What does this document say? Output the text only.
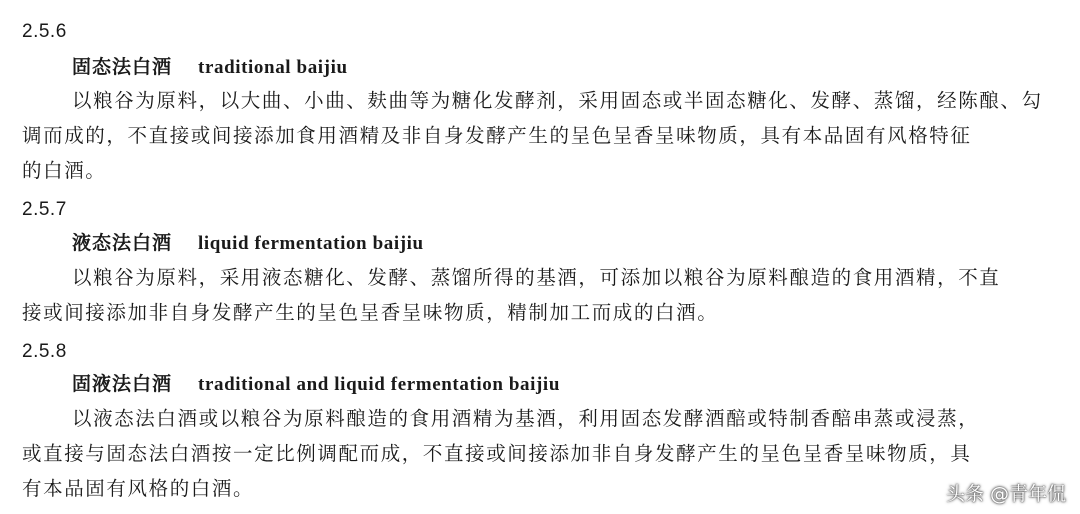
2.5.6
固态法白酒 traditional baijiu
以粮谷为原料，以大曲、小曲、麸曲等为糖化发酵剂，采用固态或半固态糖化、发酵、蒸馏，经陈酿、勾
调而成的，不直接或间接添加食用酒精及非自身发酵产生的呈色呈香呈味物质，具有本品固有风格特征
的白酒。
2.5.7
液态法白酒 liquid fermentation baijiu
以粮谷为原料，采用液态糖化、发酵、蒸馏所得的基酒，可添加以粮谷为原料酿造的食用酒精，不直
接或间接添加非自身发酵产生的呈色呈香呈味物质，精制加工而成的白酒。
2.5.8
固液法白酒 traditional and liquid fermentation baijiu
以液态法白酒或以粮谷为原料酿造的食用酒精为基酒，利用固态发酵酒醅或特制香醅串蒸或浸蒸，
或直接与固态法白酒按一定比例调配而成，不直接或间接添加非自身发酵产生的呈色呈香呈味物质，具
有本品固有风格的白酒。	头条 @青年侃
